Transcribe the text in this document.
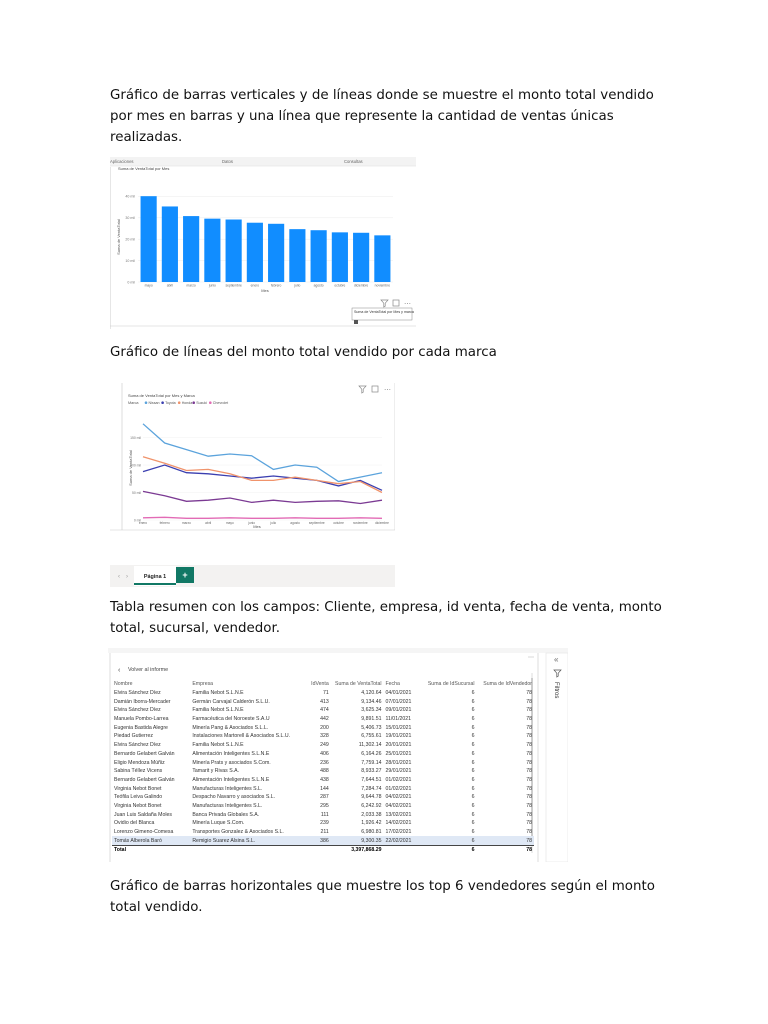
Gráfico de barras verticales y de líneas donde se muestre el monto total vendido por mes en barras y una línea que represente la cantidad de ventas únicas realizadas.

Aplicaciones	Datos	Consultas
Suma de VentaTotal por Mes
Suma de VentaTotal
Mes
0 mil
10 mil
20 mil
30 mil
40 mil
mayo	abril	marzo	junio	septiembre	enero	febrero	julio	agosto	octubre	diciembre noviembre
⋯
Suma de VentaTotal por Mes y marca

Gráfico de líneas del monto total vendido por cada marca

⋯
Suma de VentaTotal por Mes y Marca
Marca	Nissan Toyota Honda Suzuki Chevrolet
Suma de VentaTotal
Mes
0 mil
50 mil
100 mil
150 mil
enero	febrero	marzo	abril	mayo	junio	julio	agosto	septiembre	octubre	noviembre diciembre
‹ ›	Página 1 +

Tabla resumen con los campos: Cliente, empresa, id venta, fecha de venta, monto total, sucursal, vendedor.

«
Filtros
⋯
‹ Volver al informe
Nombre	Empresa	IdVenta	Suma de VentaTotal	Fecha	Suma de IdSucursal	Suma de IdVendedor
Elvira Sánchez Díez	Familia Nebot S.L.N.E	71	4,120.64	04/01/2021	6	78
Damián Iborra-Mercader	Germán Carvajal Calderón S.L.U.	413	9,134.46	07/01/2021	6	78
Elvira Sánchez Díez	Familia Nebot S.L.N.E	474	3,625.34	09/01/2021	6	78
Manuela Pombo-Larrea	Farmacéutica del Noroeste S.A.U	442	9,891.51	11/01/2021	6	78
Eugenia Bastida Alegre	Minería Pang & Asociados S.L.L.	200	5,406.73	15/01/2021	6	78
Piedad Gutierrez	Instalaciones Martorell & Asociados S.L.U.	328	6,755.61	19/01/2021	6	78
Elvira Sánchez Díez	Familia Nebot S.L.N.E	249	11,302.14	20/01/2021	6	78
Bernardo Gelabert Galván	Alimentación Inteligentes S.L.N.E	406	6,164.26	25/01/2021	6	78
Eligio Mendoza Múñiz	Minería Prats y asociados S.Com.	236	7,759.14	28/01/2021	6	78
Sabina Téllez Vicens	Tamarit y Rivas S.A.	488	8,933.27	29/01/2021	6	78
Bernardo Gelabert Galván	Alimentación Inteligentes S.L.N.E	438	7,644.51	01/02/2021	6	78
Virginia Nebot Bonet	Manufacturas Inteligentes S.L.	144	7,284.74	01/02/2021	6	78
Teófila Leiva Galindo	Despacho Navarro y asociados S.L.	287	9,644.78	04/02/2021	6	78
Virginia Nebot Bonet	Manufacturas Inteligentes S.L.	295	6,242.92	04/02/2021	6	78
Juan Luis Saldaña Moles	Banca Privada Globales S.A.	111	2,033.38	13/02/2021	6	78
Ovidio del Blanca	Minería Luque S.Com.	239	1,926.42	14/02/2021	6	78
Lorenzo Gimeno-Comesa	Transportes Gonzalez & Asociados S.L.	211	6,980.81	17/02/2021	6	78
Tomás Alberola Baró	Remigio Suarez Alsina S.L.	386	9,300.35	22/02/2021	6	78
Total			3,397,868.29		6	78

Gráfico de barras horizontales que muestre los top 6 vendedores según el monto total vendido.
